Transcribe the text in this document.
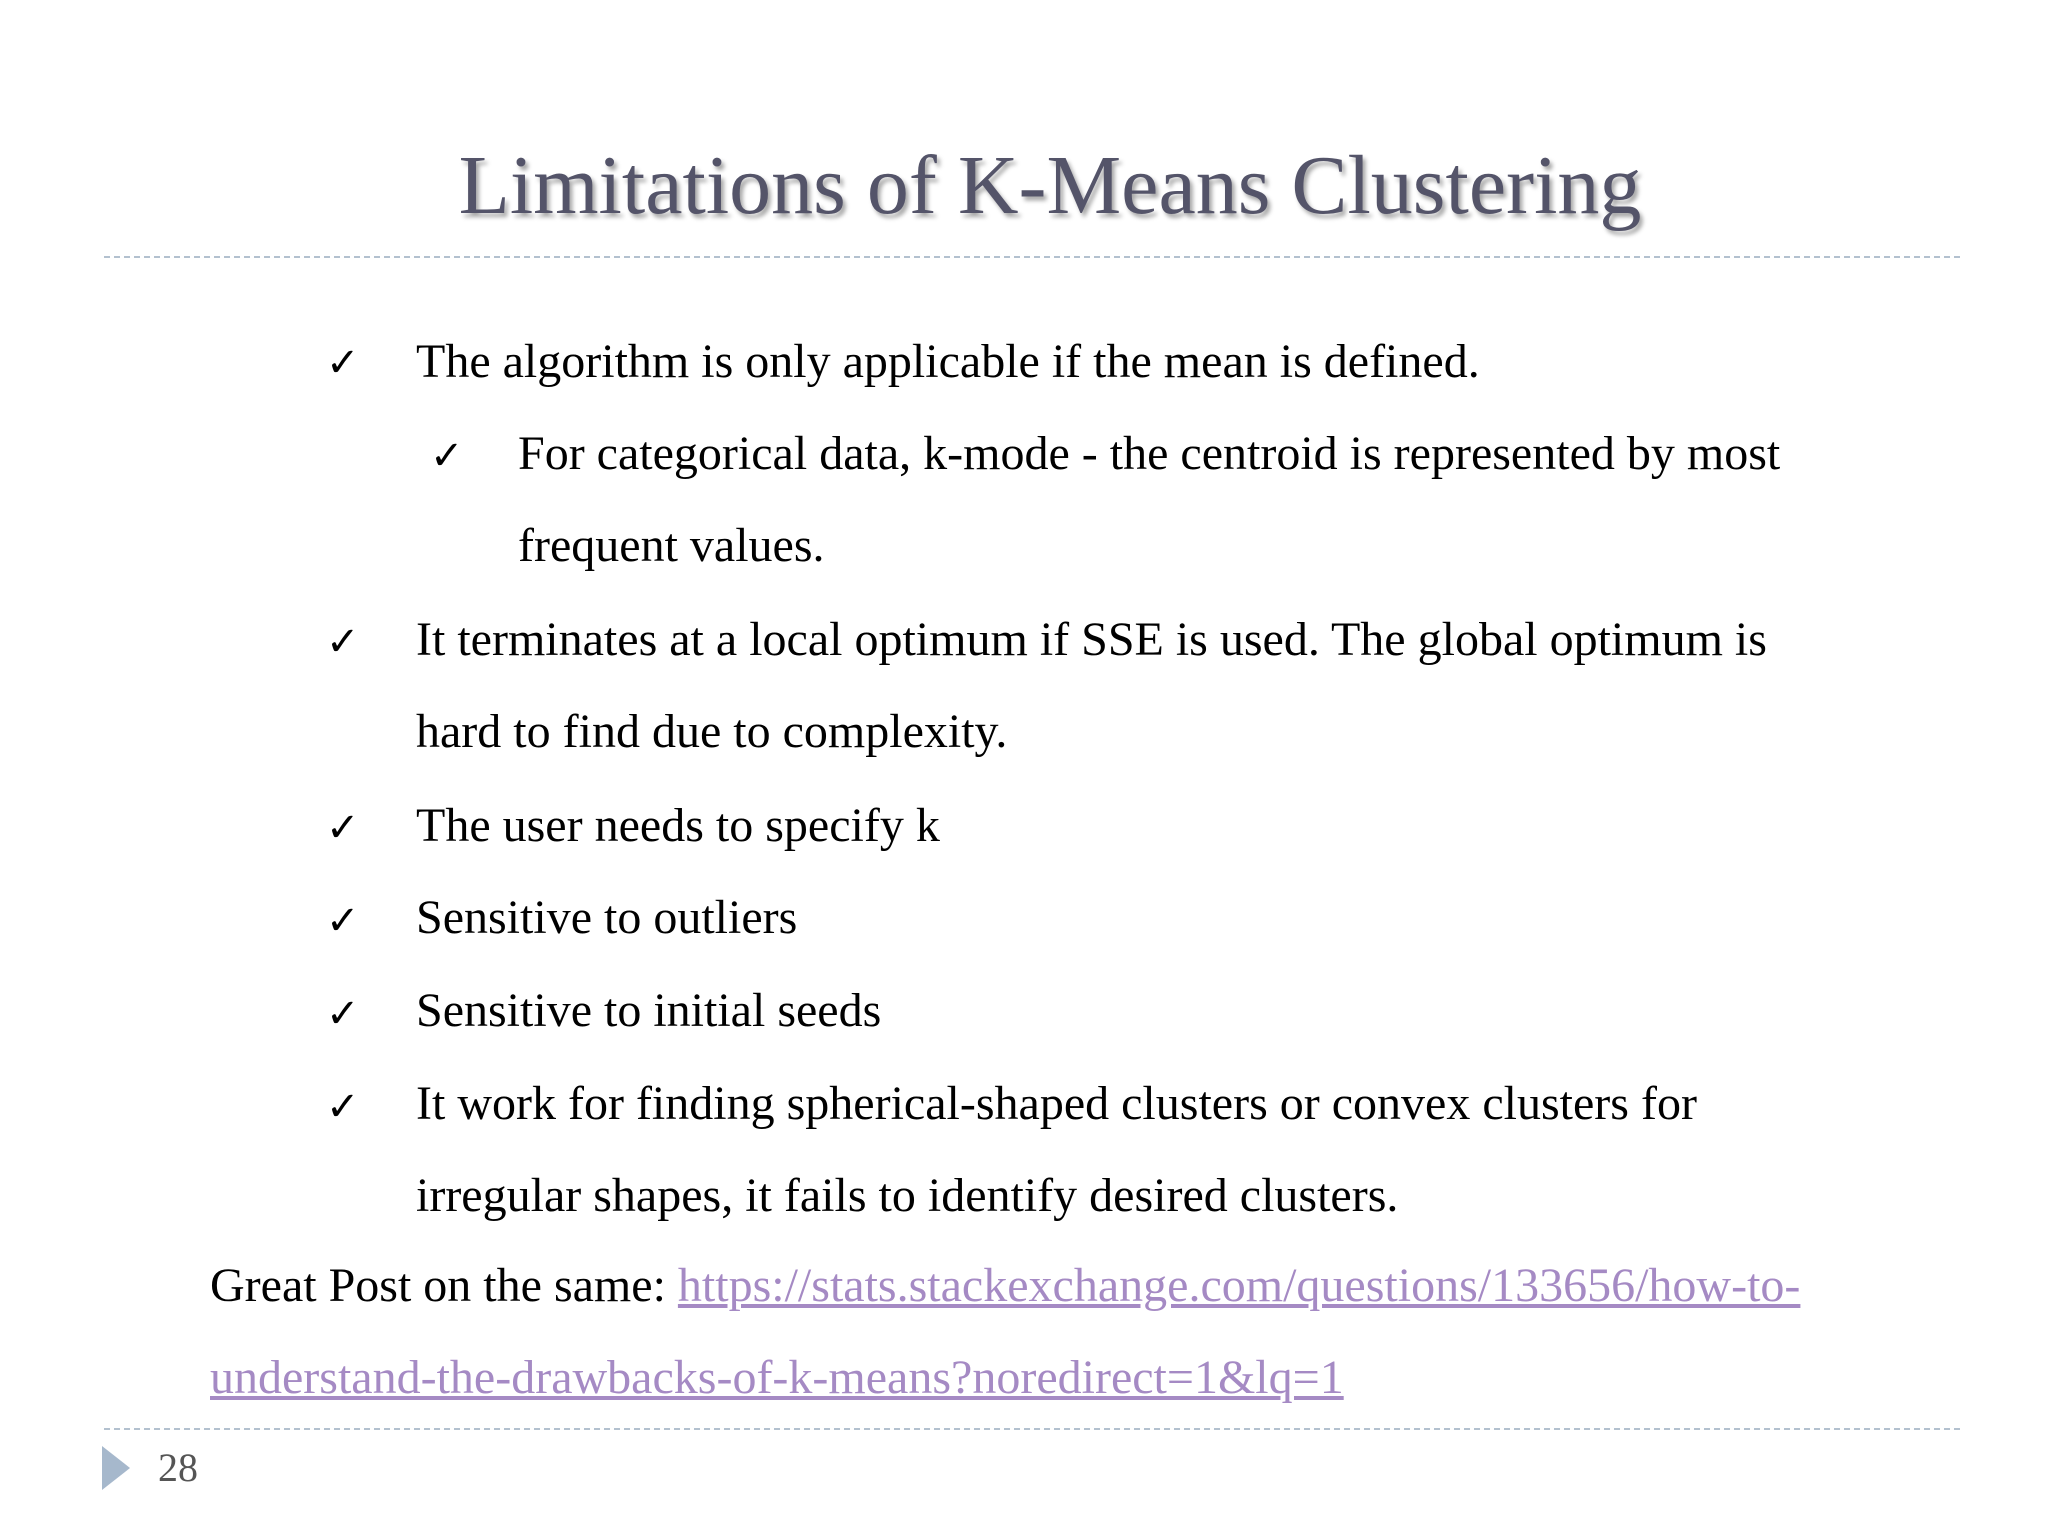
Limitations of K-Means Clustering
✓ The algorithm is only applicable if the mean is defined.
✓ For categorical data, k-mode - the centroid is represented by most
frequent values.
✓ It terminates at a local optimum if SSE is used. The global optimum is
hard to find due to complexity.
✓ The user needs to specify k
✓ Sensitive to outliers
✓ Sensitive to initial seeds
✓ It work for finding spherical-shaped clusters or convex clusters for
irregular shapes, it fails to identify desired clusters.
Great Post on the same: https://stats.stackexchange.com/questions/133656/how-to-understand-the-drawbacks-of-k-means?noredirect=1&lq=1
28
